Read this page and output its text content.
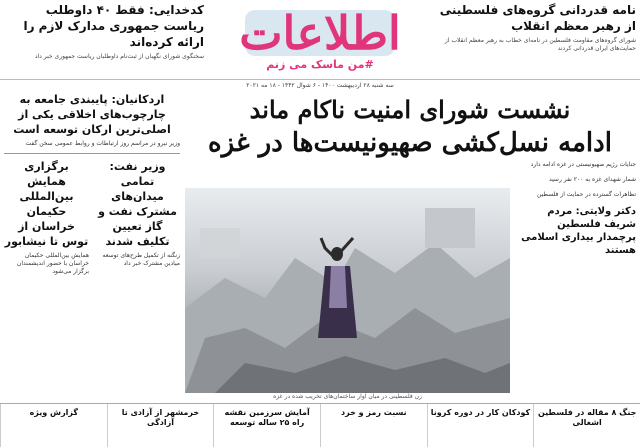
نامه قدردانی گروه‌های فلسطینی از رهبر معظم انقلاب
شورای گروه‌های مقاومت فلسطین در نامه‌ای خطاب به رهبر معظم انقلاب از حمایت‌های ایران قدردانی کردند
اطلاعات
#من ماسک می زنم
کدخدایی: فقط ۴۰ داوطلب ریاست جمهوری مدارک لازم را ارائه کرده‌اند
سخنگوی شورای نگهبان از ثبت‌نام داوطلبان ریاست جمهوری خبر داد
سه شنبه ۲۸ اردیبهشت ۱۴۰۰ - ۶ شوال ۱۴۴۲ - ۱۸ مه ۲۰۲۱
نشست شورای امنیت ناکام ماند
ادامه نسل‌کشی صهیونیست‌ها در غزه
زن فلسطینی در میان آوار ساختمان‌های تخریب شده در غزه
جنایات رژیم صهیونیستی در غزه ادامه دارد
شمار شهدای غزه به ۲۰۰ نفر رسید
تظاهرات گسترده در حمایت از فلسطین
دکتر ولایتی: مردم شریف فلسطین پرچمدار بیداری اسلامی هستند
اردکانیان: پایبندی جامعه به چارچوب‌های اخلاقی یکی از اصلی‌ترین ارکان توسعه است
وزیر نیرو در مراسم روز ارتباطات و روابط عمومی سخن گفت
وزیر نفت: تمامی میدان‌های مشترک نفت و گاز تعیین تکلیف شدند
زنگنه از تکمیل طرح‌های توسعه میادین مشترک خبر داد
برگزاری همایش بین‌المللی حکیمان خراسان از توس تا نیشابور
همایش بین‌المللی حکیمان خراسان با حضور اندیشمندان برگزار می‌شود
جنگ ۸ مقاله در فلسطین اشغالی
کودکان کار در دوره کرونا
نسبت رمز و خرد
آمایش سرزمین نقشه راه ۲۵ ساله توسعه
خرمشهر از آزادی تا آزادگی
گزارش ویژه
